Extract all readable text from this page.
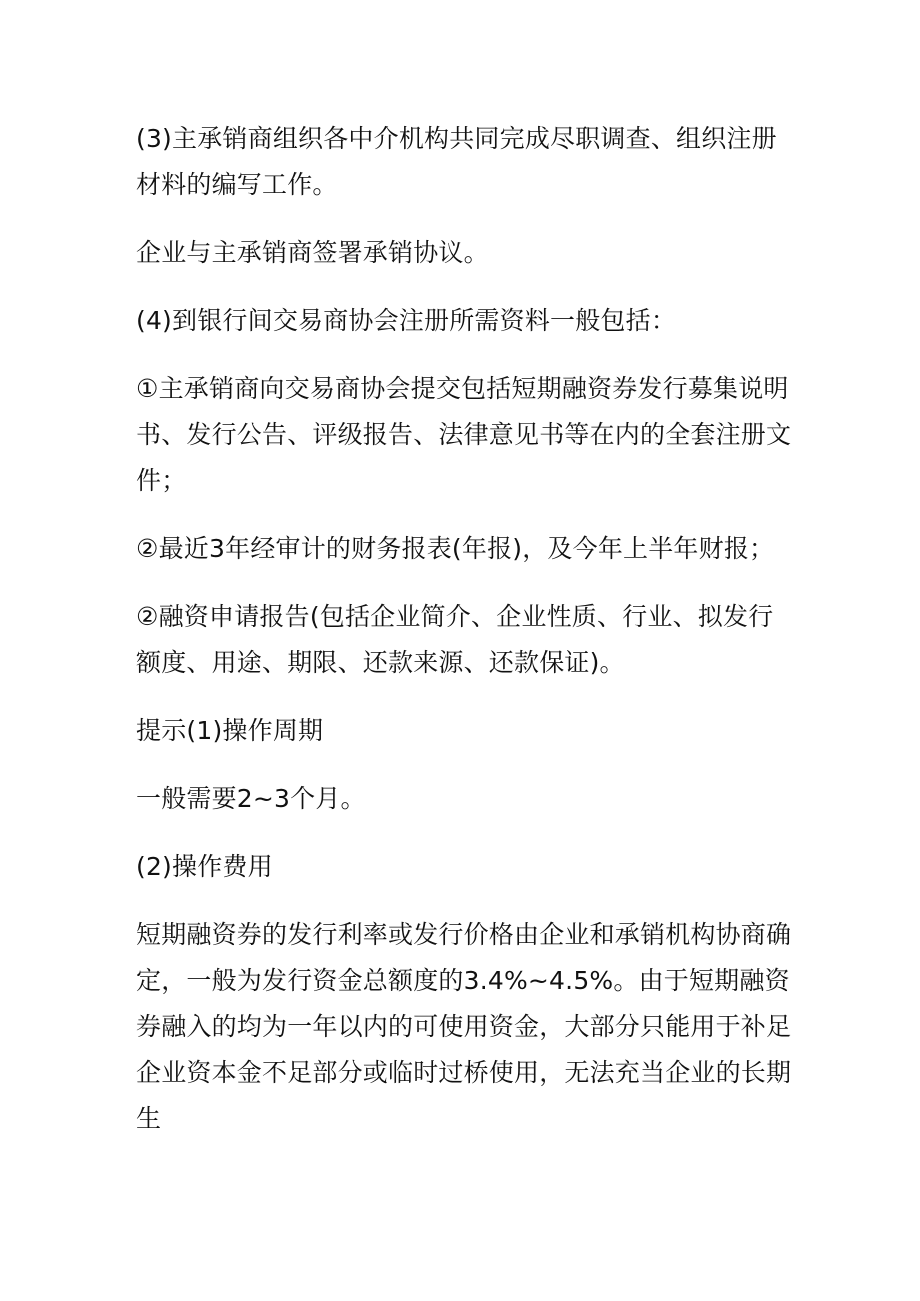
(3)主承销商组织各中介机构共同完成尽职调查、组织注册材料的编写工作。

企业与主承销商签署承销协议。

(4)到银行间交易商协会注册所需资料一般包括：

①主承销商向交易商协会提交包括短期融资券发行募集说明书、发行公告、评级报告、法律意见书等在内的全套注册文件；

②最近3年经审计的财务报表(年报)，及今年上半年财报；

②融资申请报告(包括企业简介、企业性质、行业、拟发行额度、用途、期限、还款来源、还款保证)。

提示(1)操作周期

一般需要2~3个月。

(2)操作费用

短期融资券的发行利率或发行价格由企业和承销机构协商确定，一般为发行资金总额度的3.4%~4.5%。由于短期融资券融入的均为一年以内的可使用资金，大部分只能用于补足企业资本金不足部分或临时过桥使用，无法充当企业的长期生
